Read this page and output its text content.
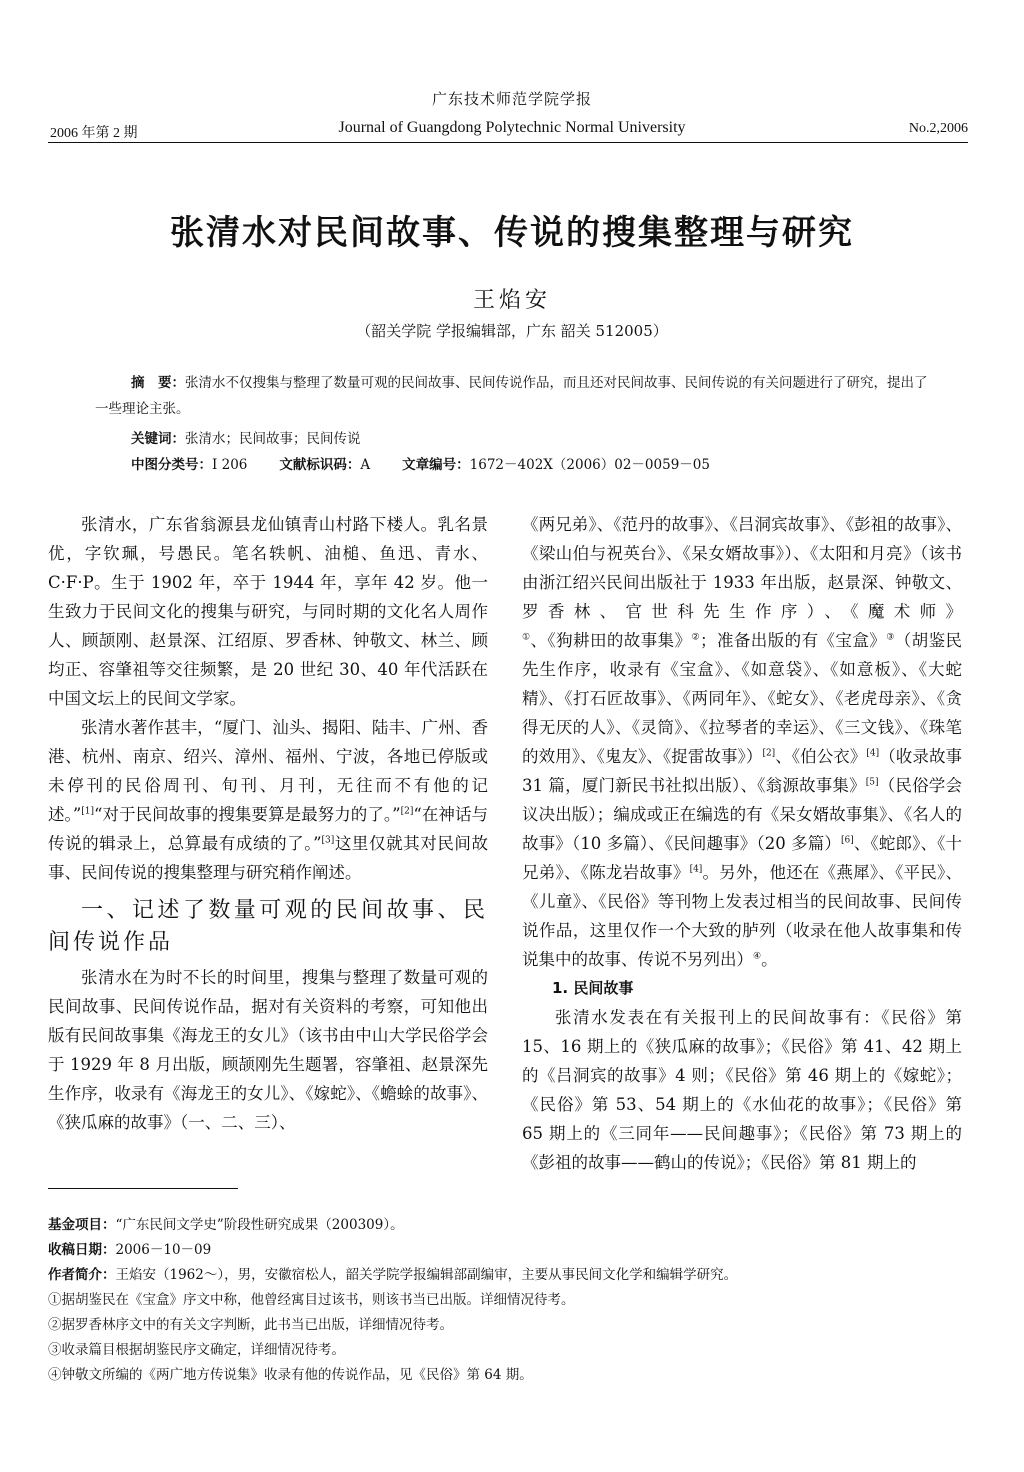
广东技术师范学院学报
2006 年第 2 期	Journal of Guangdong Polytechnic Normal University	No.2,2006
张清水对民间故事、传说的搜集整理与研究
王焰安
（韶关学院 学报编辑部，广东 韶关 512005）
摘　要：张清水不仅搜集与整理了数量可观的民间故事、民间传说作品，而且还对民间故事、民间传说的有关问题进行了研究，提出了一些理论主张。
关键词：张清水；民间故事；民间传说
中图分类号：I 206 文献标识码：A 文章编号：1672－402X（2006）02－0059－05

张清水，广东省翁源县龙仙镇青山村路下楼人。乳名景优，字钦珮，号愚民。笔名轶帆、油槌、鱼迅、青水、C·F·P。生于 1902 年，卒于 1944 年，享年 42 岁。他一生致力于民间文化的搜集与研究，与同时期的文化名人周作人、顾颉刚、赵景深、江绍原、罗香林、钟敬文、林兰、顾均正、容肇祖等交往频繁，是 20 世纪 30、40 年代活跃在中国文坛上的民间文学家。

张清水著作甚丰，“厦门、汕头、揭阳、陆丰、广州、香港、杭州、南京、绍兴、漳州、福州、宁波，各地已停版或未停刊的民俗周刊、旬刊、月刊，无往而不有他的记述。”[1]“对于民间故事的搜集要算是最努力的了。”[2]“在神话与传说的辑录上，总算最有成绩的了。”[3]这里仅就其对民间故事、民间传说的搜集整理与研究稍作阐述。

一、记述了数量可观的民间故事、民间传说作品

张清水在为时不长的时间里，搜集与整理了数量可观的民间故事、民间传说作品，据对有关资料的考察，可知他出版有民间故事集《海龙王的女儿》（该书由中山大学民俗学会于 1929 年 8 月出版，顾颉刚先生题署，容肇祖、赵景深先生作序，收录有《海龙王的女儿》、《嫁蛇》、《蟾蜍的故事》、《狭瓜麻的故事》（一、二、三）、

《两兄弟》、《范丹的故事》、《吕洞宾故事》、《彭祖的故事》、《梁山伯与祝英台》、《呆女婿故事》）、《太阳和月亮》（该书由浙江绍兴民间出版社于 1933 年出版，赵景深、钟敬文、罗香林、官世科先生作序）、《魔术师》①、《狗耕田的故事集》②；准备出版的有《宝盒》③（胡鉴民先生作序，收录有《宝盒》、《如意袋》、《如意板》、《大蛇精》、《打石匠故事》、《两同年》、《蛇女》、《老虎母亲》、《贪得无厌的人》、《灵筒》、《拉琴者的幸运》、《三文钱》、《珠笔的效用》、《鬼友》、《捉雷故事》）[2]、《伯公衣》[4]（收录故事 31 篇，厦门新民书社拟出版）、《翁源故事集》[5]（民俗学会议决出版）；编成或正在编选的有《呆女婿故事集》、《名人的故事》（10 多篇）、《民间趣事》（20 多篇）[6]、《蛇郎》、《十兄弟》、《陈龙岩故事》[4]。另外，他还在《燕犀》、《平民》、《儿童》、《民俗》等刊物上发表过相当的民间故事、民间传说作品，这里仅作一个大致的胪列（收录在他人故事集和传说集中的故事、传说不另列出）④。

1. 民间故事

张清水发表在有关报刊上的民间故事有：《民俗》第 15、16 期上的《狭瓜麻的故事》；《民俗》第 41、42 期上的《吕洞宾的故事》4 则；《民俗》第 46 期上的《嫁蛇》；《民俗》第 53、54 期上的《水仙花的故事》；《民俗》第 65 期上的《三同年——民间趣事》；《民俗》第 73 期上的《彭祖的故事——鹤山的传说》；《民俗》第 81 期上的

基金项目：“广东民间文学史”阶段性研究成果（200309）。
收稿日期：2006－10－09
作者简介：王焰安（1962～），男，安徽宿松人，韶关学院学报编辑部副编审，主要从事民间文化学和编辑学研究。
①据胡鉴民在《宝盒》序文中称，他曾经寓目过该书，则该书当已出版。详细情况待考。
②据罗香林序文中的有关文字判断，此书当已出版，详细情况待考。
③收录篇目根据胡鉴民序文确定，详细情况待考。
④钟敬文所编的《两广地方传说集》收录有他的传说作品，见《民俗》第 64 期。
